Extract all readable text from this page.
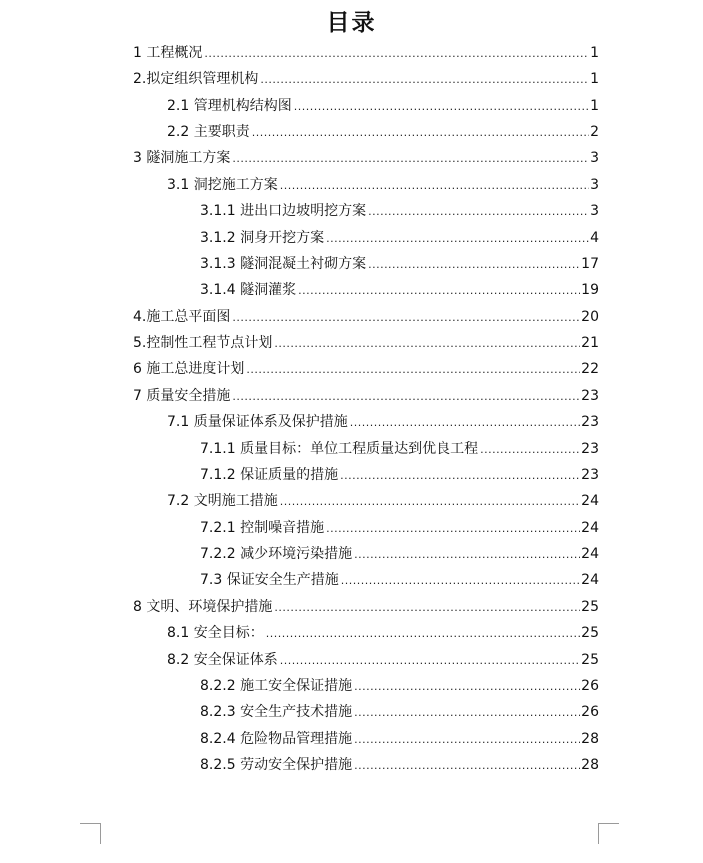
目录
1 工程概况 .....	1
2.拟定组织管理机构 .....	1
2.1 管理机构结构图 .....	1
2.2 主要职责 .....	2
3 隧洞施工方案 .....	3
3.1 洞挖施工方案 .....	3
3.1.1 进出口边坡明挖方案 .....	3
3.1.2 洞身开挖方案 .....	4
3.1.3 隧洞混凝土衬砌方案 .....	17
3.1.4 隧洞灌浆 .....	19
4.施工总平面图 .....	20
5.控制性工程节点计划 .....	21
6 施工总进度计划 .....	22
7 质量安全措施 .....	23
7.1 质量保证体系及保护措施 .....	23
7.1.1 质量目标：单位工程质量达到优良工程 .....	23
7.1.2 保证质量的措施 .....	23
7.2 文明施工措施 .....	24
7.2.1 控制噪音措施 .....	24
7.2.2 减少环境污染措施 .....	24
7.3 保证安全生产措施 .....	24
8 文明、环境保护措施 .....	25
8.1 安全目标： .....	25
8.2 安全保证体系 .....	25
8.2.2 施工安全保证措施 .....	26
8.2.3 安全生产技术措施 .....	26
8.2.4 危险物品管理措施 .....	28
8.2.5 劳动安全保护措施 .....	28
